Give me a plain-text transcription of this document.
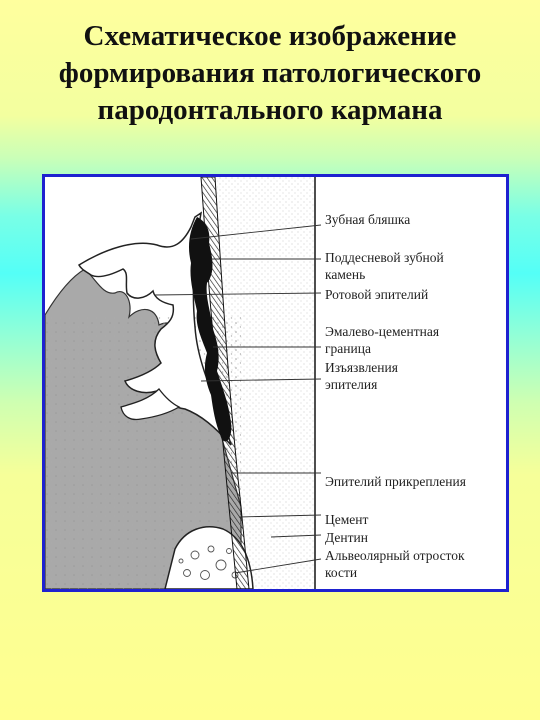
Схематическое изображение
формирования патологического
пародонтального кармана
Зубная бляшка
Поддесневой зубной
камень
Ротовой эпителий
Эмалево-цементная
граница
Изъязвления
эпителия
Эпителий прикрепления
Цемент
Дентин
Альвеолярный отросток
кости
